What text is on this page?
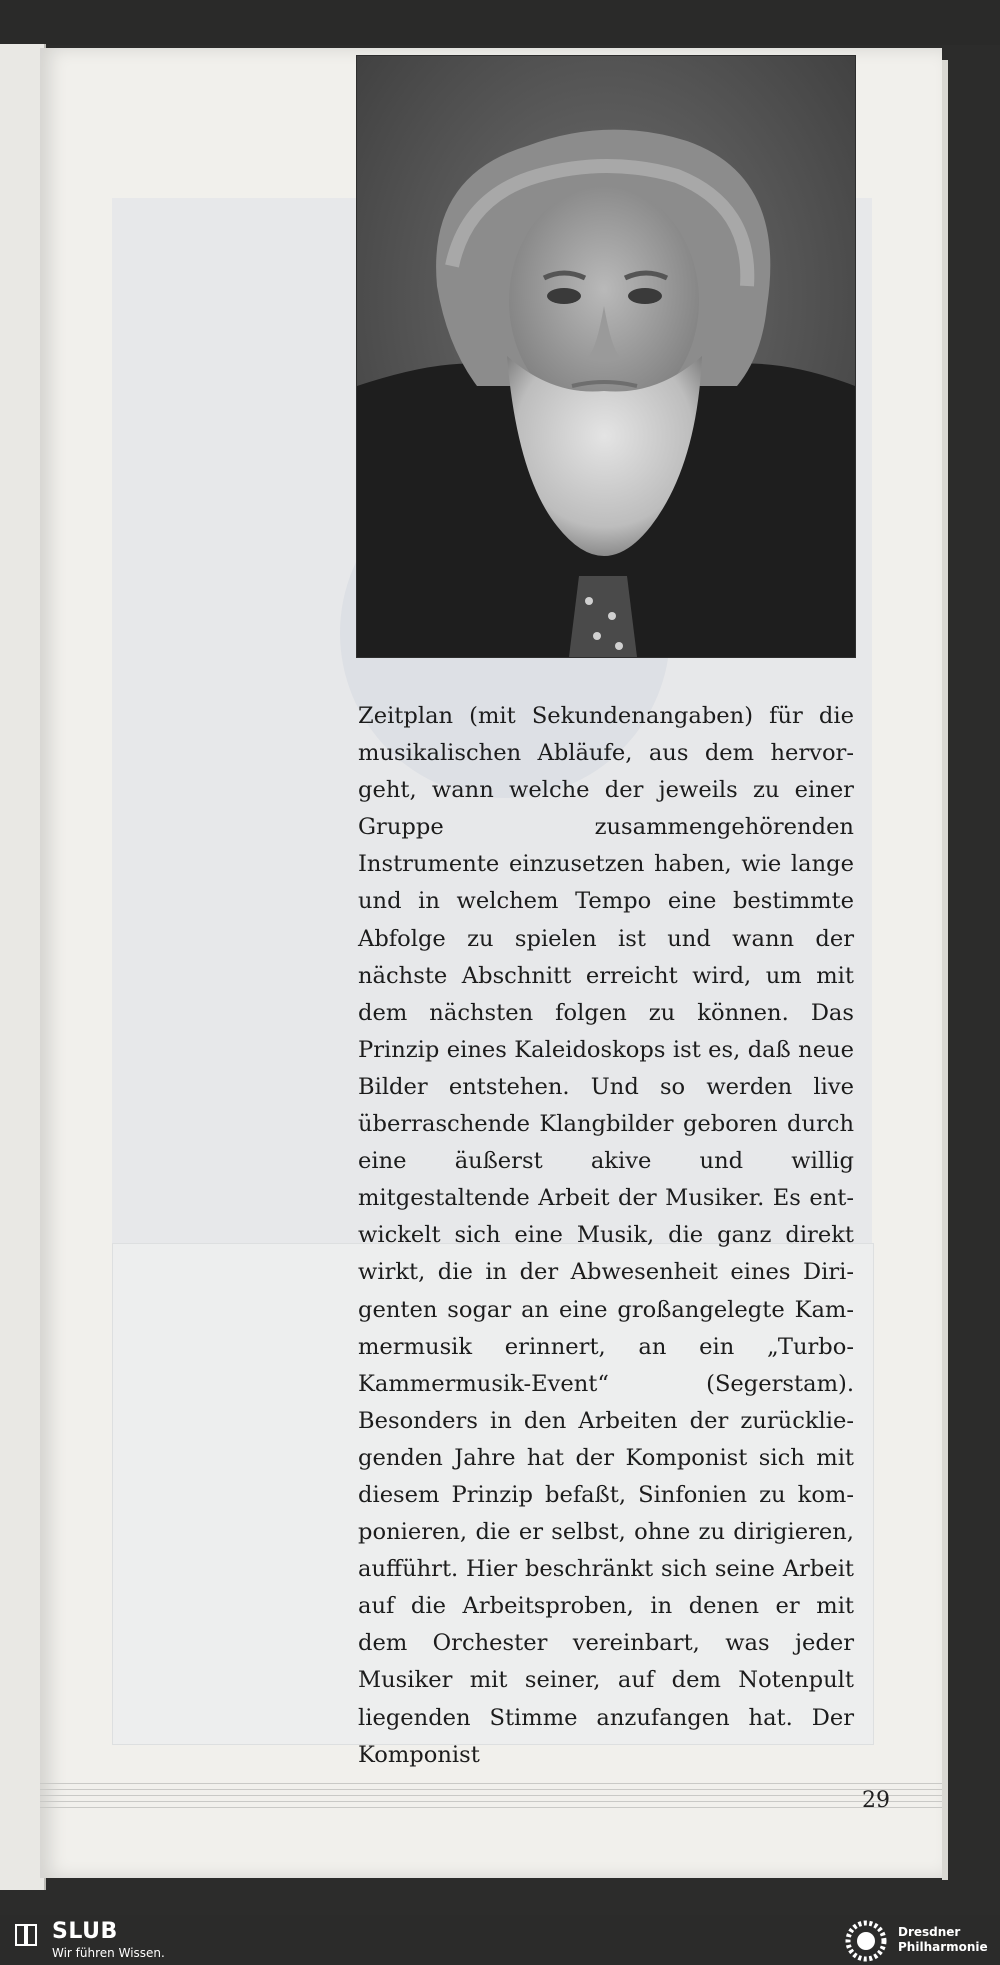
Zeitplan (mit Sekundenangaben) für die musikalischen Abläufe, aus dem hervorgeht, wann welche der jeweils zu einer Gruppe zusammengehörenden Instrumente einzusetzen haben, wie lange und in welchem Tempo eine bestimmte Abfolge zu spielen ist und wann der nächste Abschnitt erreicht wird, um mit dem nächsten folgen zu können. Das Prinzip eines Kaleidoskops ist es, daß neue Bilder entstehen. Und so werden live überraschende Klangbilder geboren durch eine äußerst akive und willig mitgestaltende Arbeit der Musiker. Es entwickelt sich eine Musik, die ganz direkt wirkt, die in der Abwesenheit eines Dirigenten sogar an eine großangelegte Kammermusik erinnert, an ein „Turbo-Kammermusik-Event“ (Segerstam). Besonders in den Arbeiten der zurückliegenden Jahre hat der Komponist sich mit diesem Prinzip befaßt, Sinfonien zu komponieren, die er selbst, ohne zu dirigieren, aufführt. Hier beschränkt sich seine Arbeit auf die Arbeitsproben, in denen er mit dem Orchester vereinbart, was jeder Musiker mit seiner, auf dem Notenpult liegenden Stimme anzufangen hat. Der Komponist

29
SLUB
Wir führen Wissen.
Dresdner
Philharmonie
